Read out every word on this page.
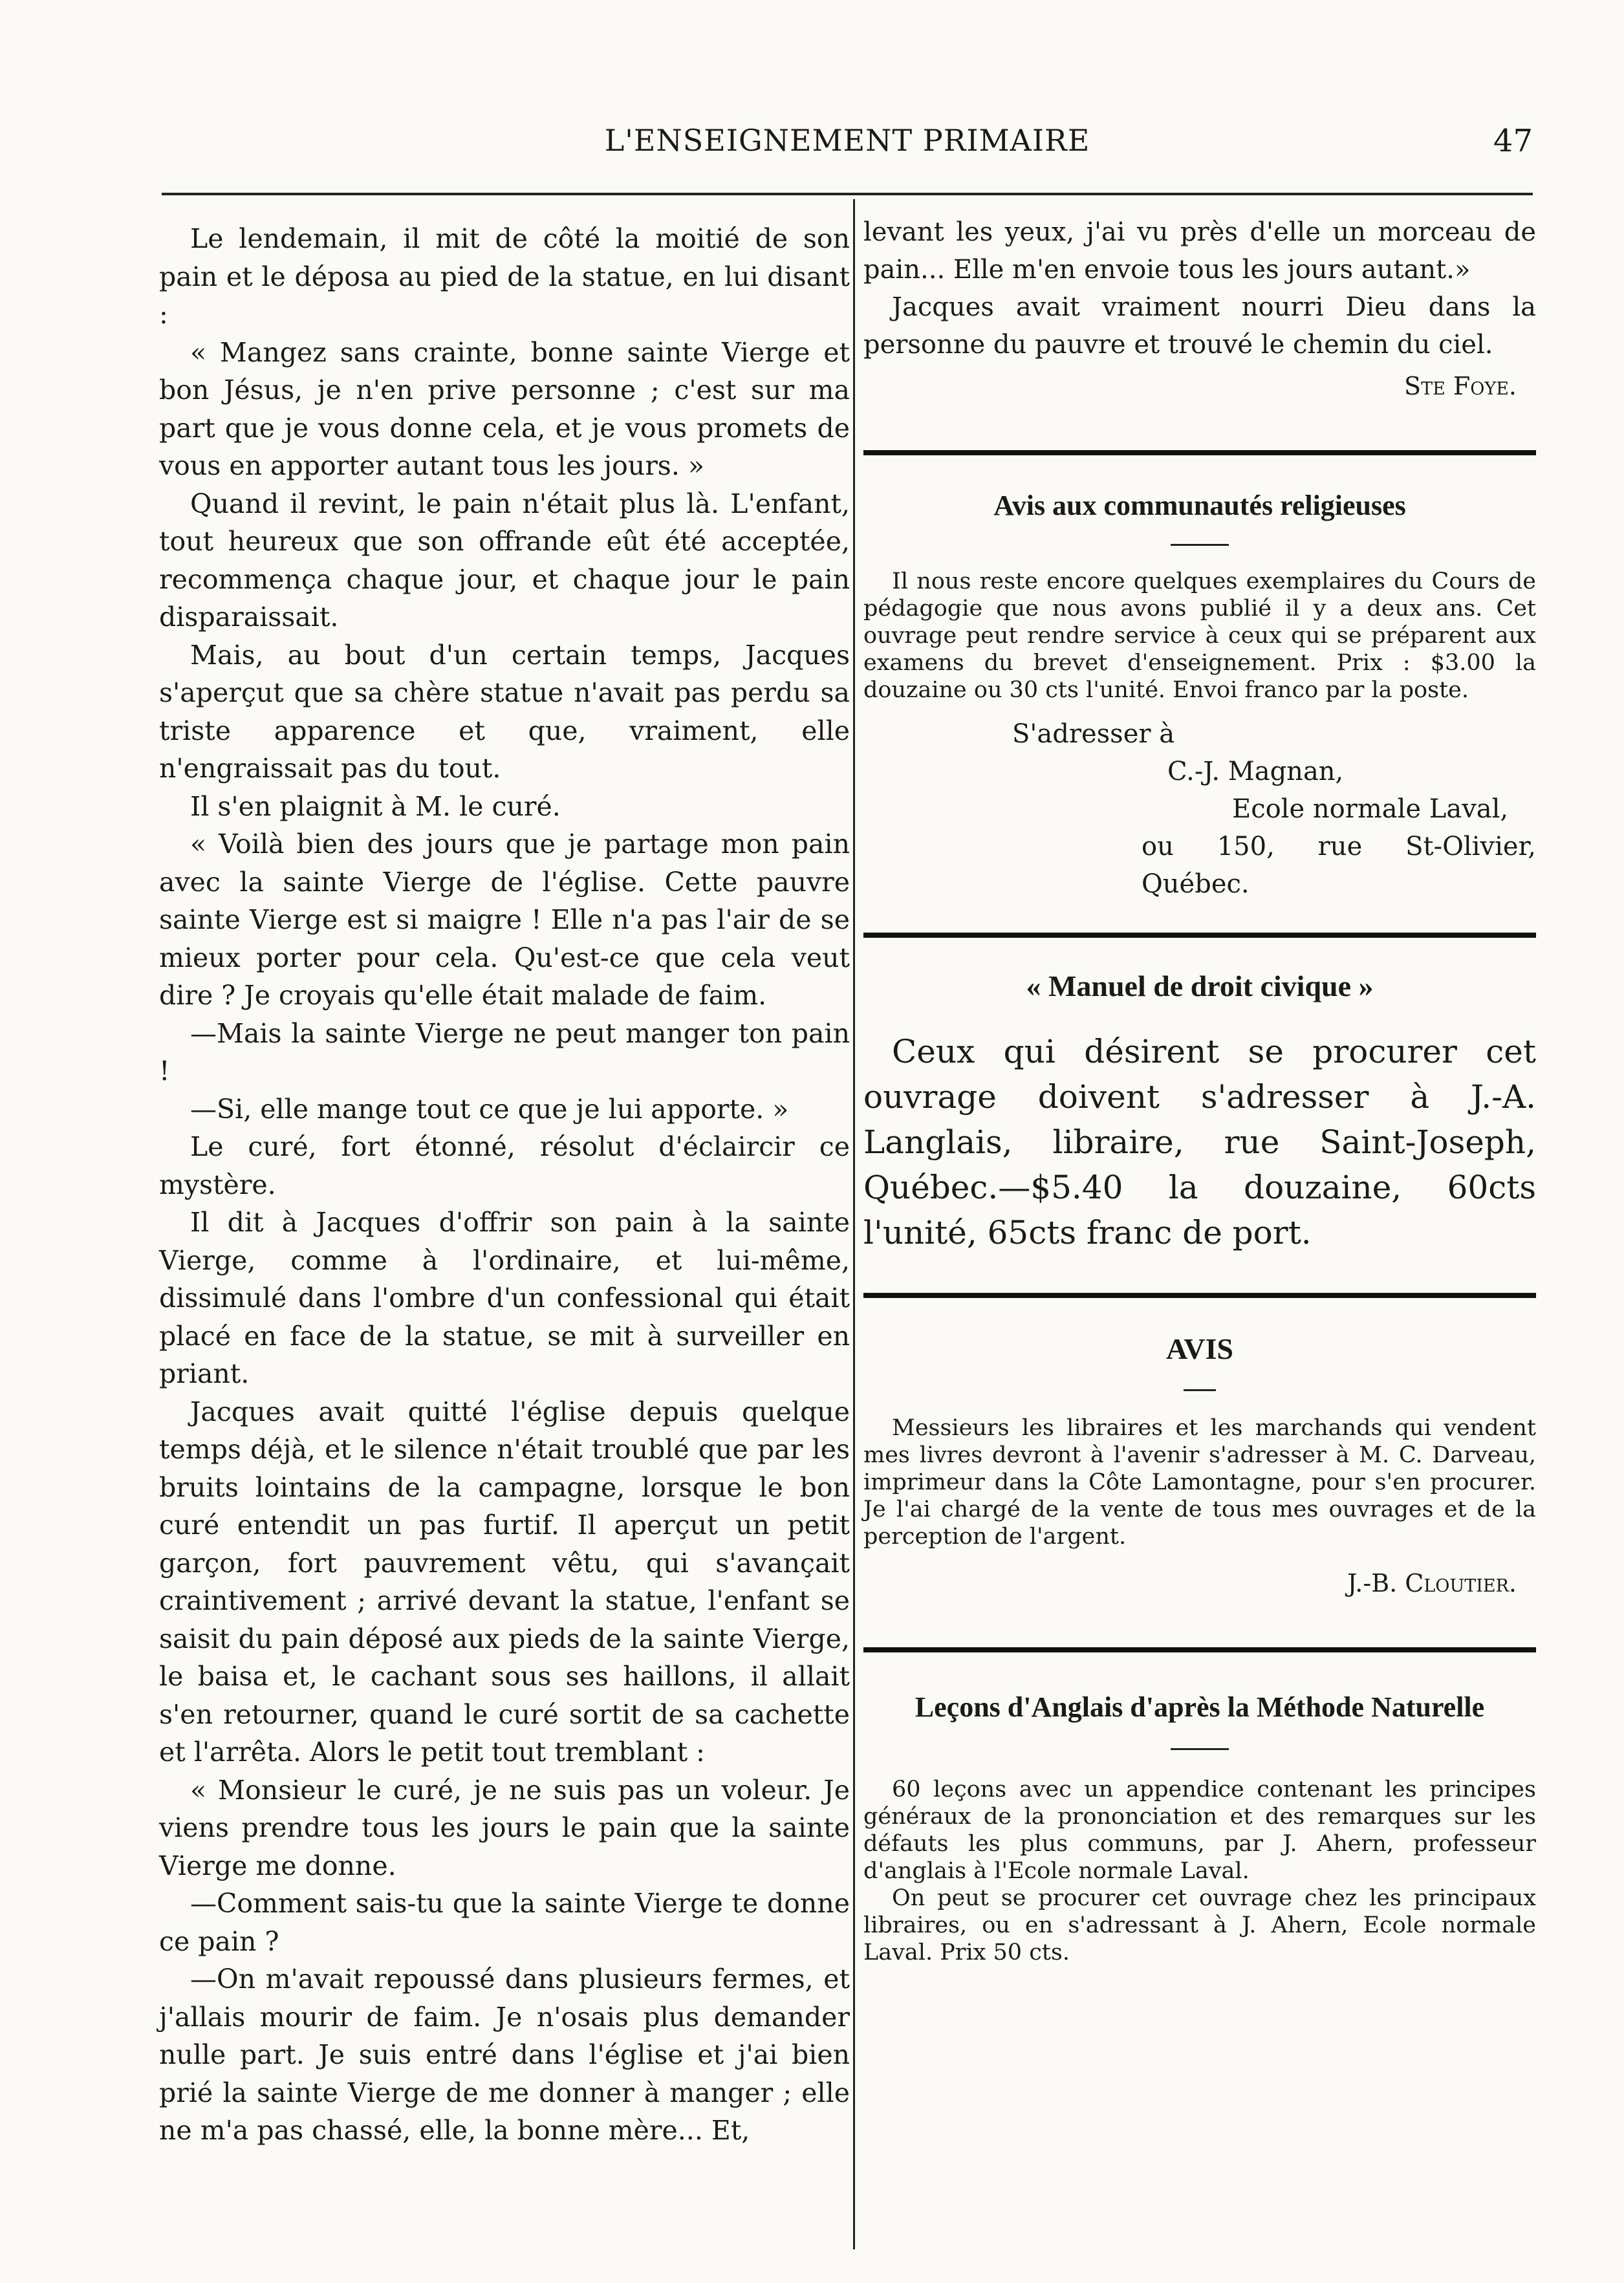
L'ENSEIGNEMENT PRIMAIRE	47

Le lendemain, il mit de côté la moitié de son pain et le déposa au pied de la statue, en lui disant :

« Mangez sans crainte, bonne sainte Vierge et bon Jésus, je n'en prive personne ; c'est sur ma part que je vous donne cela, et je vous promets de vous en apporter autant tous les jours. »

Quand il revint, le pain n'était plus là. L'enfant, tout heureux que son offrande eût été acceptée, recommença chaque jour, et chaque jour le pain disparaissait.

Mais, au bout d'un certain temps, Jacques s'aperçut que sa chère statue n'avait pas perdu sa triste apparence et que, vraiment, elle n'engraissait pas du tout.

Il s'en plaignit à M. le curé.

« Voilà bien des jours que je partage mon pain avec la sainte Vierge de l'église. Cette pauvre sainte Vierge est si maigre ! Elle n'a pas l'air de se mieux porter pour cela. Qu'est-ce que cela veut dire ? Je croyais qu'elle était malade de faim.

—Mais la sainte Vierge ne peut manger ton pain !

—Si, elle mange tout ce que je lui apporte. »

Le curé, fort étonné, résolut d'éclaircir ce mystère.

Il dit à Jacques d'offrir son pain à la sainte Vierge, comme à l'ordinaire, et lui-même, dissimulé dans l'ombre d'un confessional qui était placé en face de la statue, se mit à surveiller en priant.

Jacques avait quitté l'église depuis quelque temps déjà, et le silence n'était troublé que par les bruits lointains de la campagne, lorsque le bon curé entendit un pas furtif. Il aperçut un petit garçon, fort pauvrement vêtu, qui s'avançait craintivement ; arrivé devant la statue, l'enfant se saisit du pain déposé aux pieds de la sainte Vierge, le baisa et, le cachant sous ses haillons, il allait s'en retourner, quand le curé sortit de sa cachette et l'arrêta. Alors le petit tout tremblant :

« Monsieur le curé, je ne suis pas un voleur. Je viens prendre tous les jours le pain que la sainte Vierge me donne.

—Comment sais-tu que la sainte Vierge te donne ce pain ?

—On m'avait repoussé dans plusieurs fermes, et j'allais mourir de faim. Je n'osais plus demander nulle part. Je suis entré dans l'église et j'ai bien prié la sainte Vierge de me donner à manger ; elle ne m'a pas chassé, elle, la bonne mère... Et,

levant les yeux, j'ai vu près d'elle un morceau de pain... Elle m'en envoie tous les jours autant.»

Jacques avait vraiment nourri Dieu dans la personne du pauvre et trouvé le chemin du ciel.

Ste Foye.
Avis aux communautés religieuses

Il nous reste encore quelques exemplaires du Cours de pédagogie que nous avons publié il y a deux ans. Cet ouvrage peut rendre service à ceux qui se préparent aux examens du brevet d'enseignement. Prix : $3.00 la douzaine ou 30 cts l'unité. Envoi franco par la poste.

S'adresser à

C.-J. Magnan,

Ecole normale Laval,

ou 150, rue St-Olivier, Québec.

« Manuel de droit civique »

Ceux qui désirent se procurer cet ouvrage doivent s'adresser à J.-A. Langlais, libraire, rue Saint-Joseph, Québec.—$5.40 la douzaine, 60cts l'unité, 65cts franc de port.

AVIS

Messieurs les libraires et les marchands qui vendent mes livres devront à l'avenir s'adresser à M. C. Darveau, imprimeur dans la Côte Lamontagne, pour s'en procurer. Je l'ai chargé de la vente de tous mes ouvrages et de la perception de l'argent.

J.-B. Cloutier.
Leçons d'Anglais d'après la Méthode Naturelle

60 leçons avec un appendice contenant les principes généraux de la prononciation et des remarques sur les défauts les plus communs, par J. Ahern, professeur d'anglais à l'Ecole normale Laval.

On peut se procurer cet ouvrage chez les principaux libraires, ou en s'adressant à J. Ahern, Ecole normale Laval. Prix 50 cts.
